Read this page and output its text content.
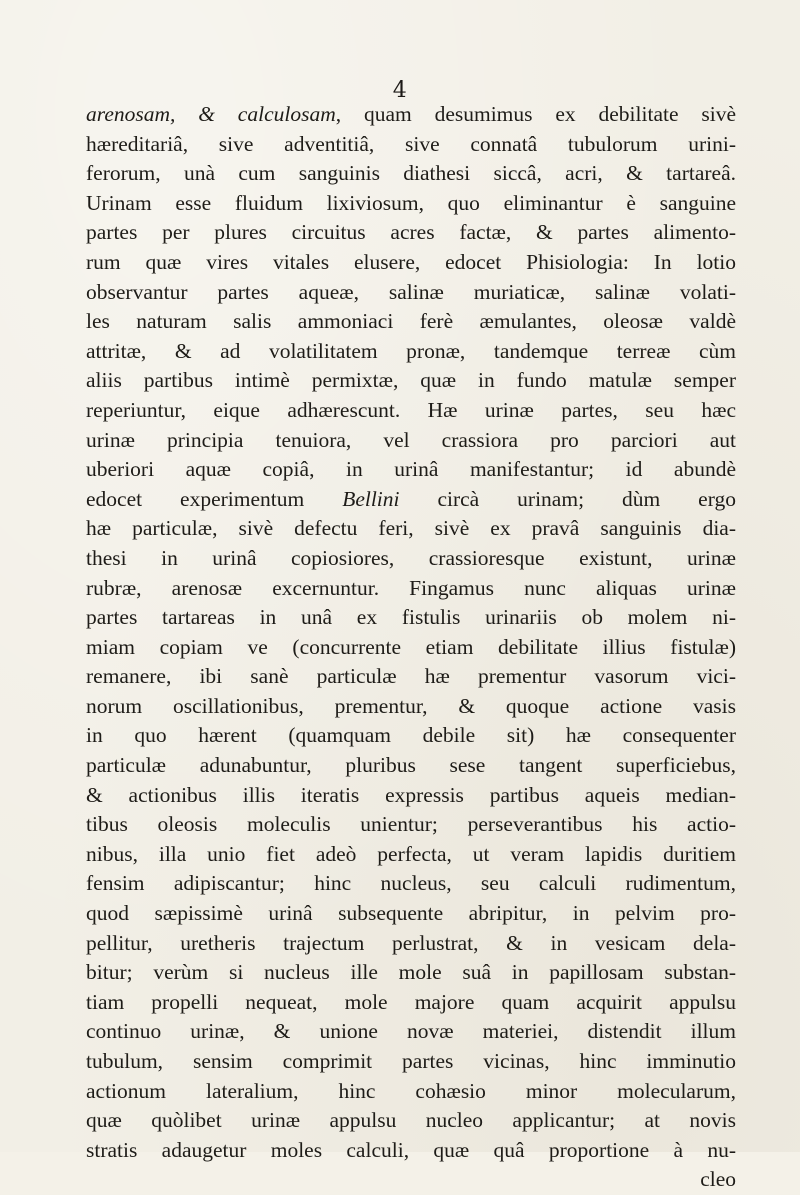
4
arenosam, & calculosam, quam desumimus ex debilitate sivè
hæreditariâ, sive adventitiâ, sive connatâ tubulorum urini-
ferorum, unà cum sanguinis diathesi siccâ, acri, & tartareâ.
Urinam esse fluidum lixiviosum, quo eliminantur è sanguine
partes per plures circuitus acres factæ, & partes alimento-
rum quæ vires vitales elusere, edocet Phisiologia: In lotio
observantur partes aqueæ, salinæ muriaticæ, salinæ volati-
les naturam salis ammoniaci ferè æmulantes, oleosæ valdè
attritæ, & ad volatilitatem pronæ, tandemque terreæ cùm
aliis partibus intimè permixtæ, quæ in fundo matulæ semper
reperiuntur, eique adhærescunt. Hæ urinæ partes, seu hæc
urinæ principia tenuiora, vel crassiora pro parciori aut
uberiori aquæ copiâ, in urinâ manifestantur; id abundè
edocet experimentum Bellini circà urinam; dùm ergo
hæ particulæ, sivè defectu feri, sivè ex pravâ sanguinis dia-
thesi in urinâ copiosiores, crassioresque existunt, urinæ
rubræ, arenosæ excernuntur. Fingamus nunc aliquas urinæ
partes tartareas in unâ ex fistulis urinariis ob molem ni-
miam copiam ve (concurrente etiam debilitate illius fistulæ)
remanere, ibi sanè particulæ hæ prementur vasorum vici-
norum oscillationibus, prementur, & quoque actione vasis
in quo hærent (quamquam debile sit) hæ consequenter
particulæ adunabuntur, pluribus sese tangent superficiebus,
& actionibus illis iteratis expressis partibus aqueis median-
tibus oleosis moleculis unientur; perseverantibus his actio-
nibus, illa unio fiet adeò perfecta, ut veram lapidis duritiem
fensim adipiscantur; hinc nucleus, seu calculi rudimentum,
quod sæpissimè urinâ subsequente abripitur, in pelvim pro-
pellitur, uretheris trajectum perlustrat, & in vesicam dela-
bitur; verùm si nucleus ille mole suâ in papillosam substan-
tiam propelli nequeat, mole majore quam acquirit appulsu
continuo urinæ, & unione novæ materiei, distendit illum
tubulum, sensim comprimit partes vicinas, hinc imminutio
actionum lateralium, hinc cohæsio minor molecularum,
quæ quòlibet urinæ appulsu nucleo applicantur; at novis
stratis adaugetur moles calculi, quæ quâ proportione à nu-
cleo
